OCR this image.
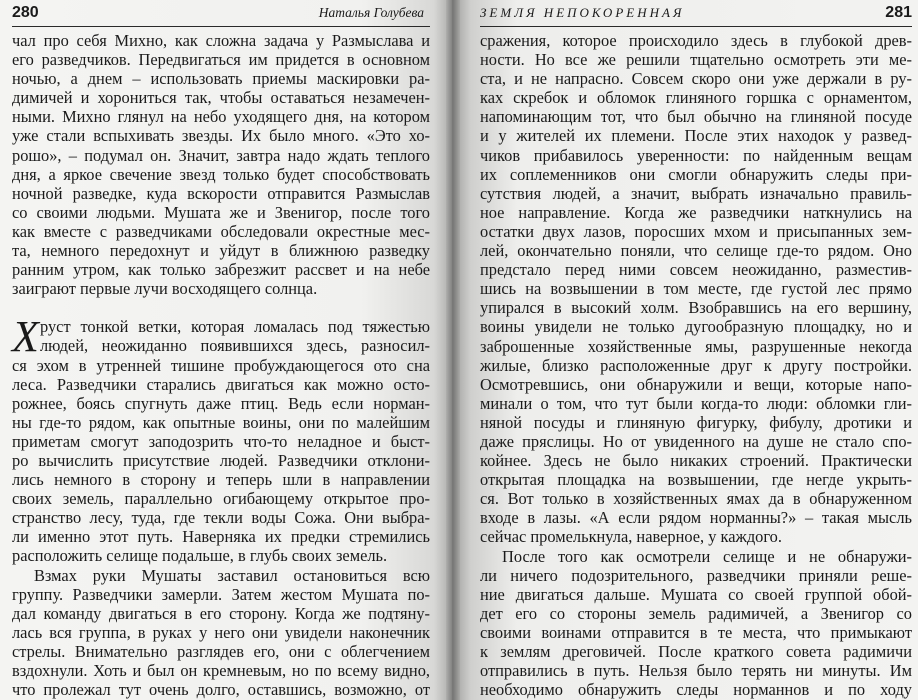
280	Наталья Голубева
чал про себя Михно, как сложна задача у Размыслава и
его разведчиков. Передвигаться им придется в основном
ночью, а днем – использовать приемы маскировки ра-
димичей и хорониться так, чтобы оставаться незамечен-
ными. Михно глянул на небо уходящего дня, на котором
уже стали вспыхивать звезды. Их было много. «Это хо-
рошо», – подумал он. Значит, завтра надо ждать теплого
дня, а яркое свечение звезд только будет способствовать
ночной разведке, куда вскорости отправится Размыслав
со своими людьми. Мушата же и Звенигор, после того
как вместе с разведчиками обследовали окрестные мес-
та, немного передохнут и уйдут в ближнюю разведку
ранним утром, как только забрезжит рассвет и на небе
заиграют первые лучи восходящего солнца.
Х руст тонкой ветки, которая ломалась под тяжестью
людей, неожиданно появившихся здесь, разносил-
ся эхом в утренней тишине пробуждающегося ото сна
леса. Разведчики старались двигаться как можно осто-
рожнее, боясь спугнуть даже птиц. Ведь если норман-
ны где-то рядом, как опытные воины, они по малейшим
приметам смогут заподозрить что-то неладное и быст-
ро вычислить присутствие людей. Разведчики отклони-
лись немного в сторону и теперь шли в направлении
своих земель, параллельно огибающему открытое про-
странство лесу, туда, где текли воды Сожа. Они выбра-
ли именно этот путь. Наверняка их предки стремились
расположить селище подальше, в глубь своих земель.
Взмах руки Мушаты заставил остановиться всю
группу. Разведчики замерли. Затем жестом Мушата по-
дал команду двигаться в его сторону. Когда же подтяну-
лась вся группа, в руках у него они увидели наконечник
стрелы. Внимательно разглядев его, они с облегчением
вздохнули. Хоть и был он кремневым, но по всему видно,
что пролежал тут очень долго, оставшись, возможно, от
ЗЕМЛЯ НЕПОКОРЕННАЯ	281
сражения, которое происходило здесь в глубокой древ-
ности. Но все же решили тщательно осмотреть эти ме-
ста, и не напрасно. Совсем скоро они уже держали в ру-
ках скребок и обломок глиняного горшка с орнаментом,
напоминающим тот, что был обычно на глиняной посуде
и у жителей их племени. После этих находок у развед-
чиков прибавилось уверенности: по найденным вещам
их соплеменников они смогли обнаружить следы при-
сутствия людей, а значит, выбрать изначально правиль-
ное направление. Когда же разведчики наткнулись на
остатки двух лазов, поросших мхом и присыпанных зем-
лей, окончательно поняли, что селище где-то рядом. Оно
предстало перед ними совсем неожиданно, разместив-
шись на возвышении в том месте, где густой лес прямо
упирался в высокий холм. Взобравшись на его вершину,
воины увидели не только дугообразную площадку, но и
заброшенные хозяйственные ямы, разрушенные некогда
жилые, близко расположенные друг к другу постройки.
Осмотревшись, они обнаружили и вещи, которые напо-
минали о том, что тут были когда-то люди: обломки гли-
няной посуды и глиняную фигурку, фибулу, дротики и
даже пряслицы. Но от увиденного на душе не стало спо-
койнее. Здесь не было никаких строений. Практически
открытая площадка на возвышении, где негде укрыть-
ся. Вот только в хозяйственных ямах да в обнаруженном
входе в лазы. «А если рядом норманны?» – такая мысль
сейчас промелькнула, наверное, у каждого.
После того как осмотрели селище и не обнаружи-
ли ничего подозрительного, разведчики приняли реше-
ние двигаться дальше. Мушата со своей группой обой-
дет его со стороны земель радимичей, а Звенигор со
своими воинами отправится в те места, что примыкают
к землям дреговичей. После краткого совета радимичи
отправились в путь. Нельзя было терять ни минуты. Им
необходимо обнаружить следы норманнов и по ходу
